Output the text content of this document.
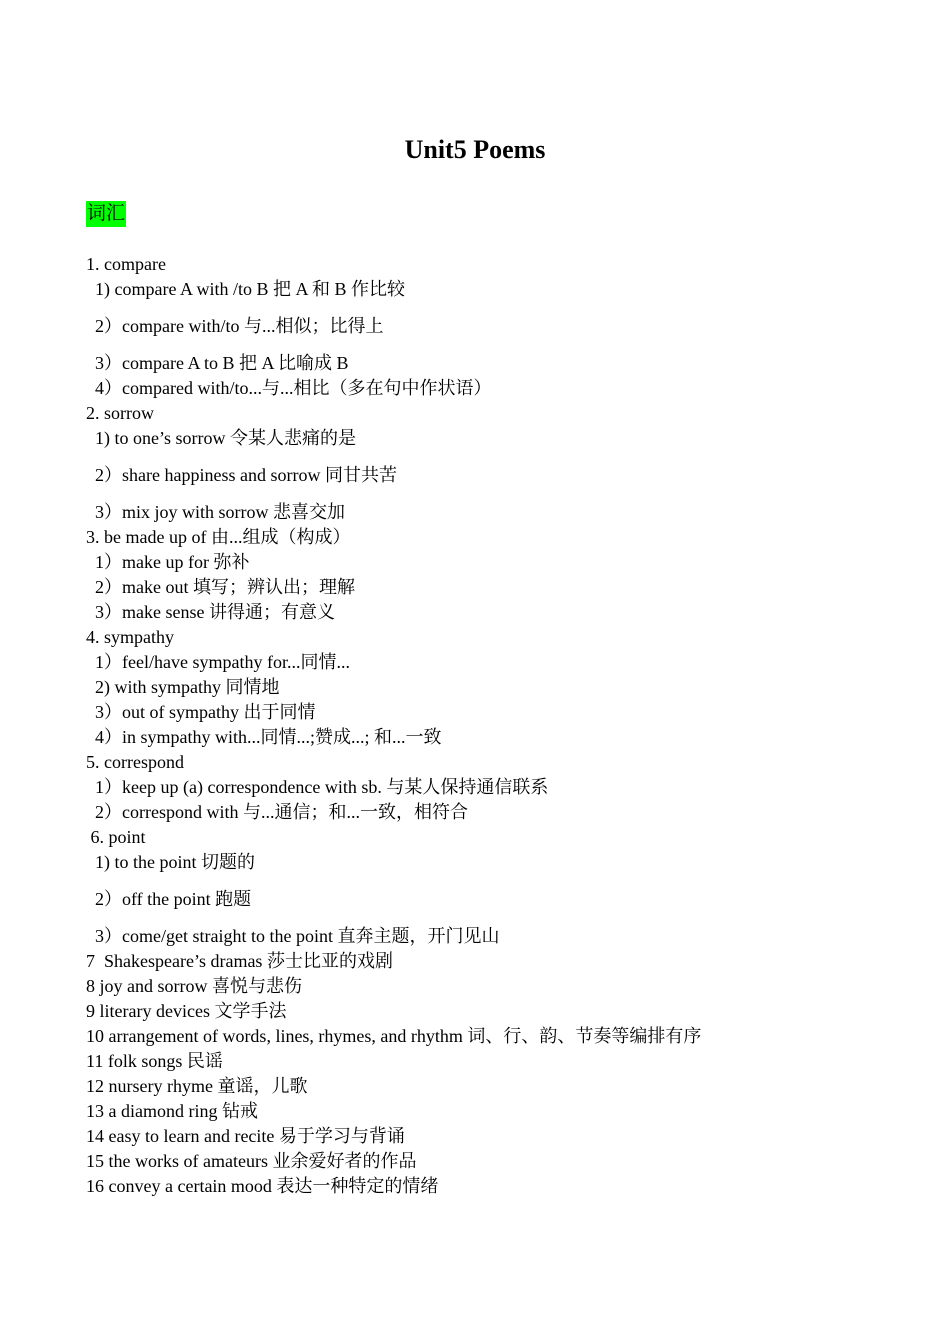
Unit5 Poems
词汇
1. compare
1) compare A with /to B 把 A 和 B 作比较
2）compare with/to 与...相似；比得上
3）compare A to B 把 A 比喻成 B
4）compared with/to...与...相比（多在句中作状语）
2. sorrow
1) to one’s sorrow 令某人悲痛的是
2）share happiness and sorrow 同甘共苦
3）mix joy with sorrow 悲喜交加
3. be made up of 由...组成（构成）
1）make up for 弥补
2）make out 填写；辨认出；理解
3）make sense 讲得通；有意义
4. sympathy
1）feel/have sympathy for...同情...
2) with sympathy 同情地
3）out of sympathy 出于同情
4）in sympathy with...同情...;赞成...; 和...一致
5. correspond
1）keep up (a) correspondence with sb. 与某人保持通信联系
2）correspond with 与...通信；和...一致，相符合
6. point
1) to the point 切题的
2）off the point 跑题
3）come/get straight to the point 直奔主题，开门见山
7  Shakespeare’s dramas 莎士比亚的戏剧
8 joy and sorrow 喜悦与悲伤
9 literary devices 文学手法
10 arrangement of words, lines, rhymes, and rhythm 词、行、韵、节奏等编排有序
11 folk songs 民谣
12 nursery rhyme 童谣，儿歌
13 a diamond ring 钻戒
14 easy to learn and recite 易于学习与背诵
15 the works of amateurs 业余爱好者的作品
16 convey a certain mood 表达一种特定的情绪
